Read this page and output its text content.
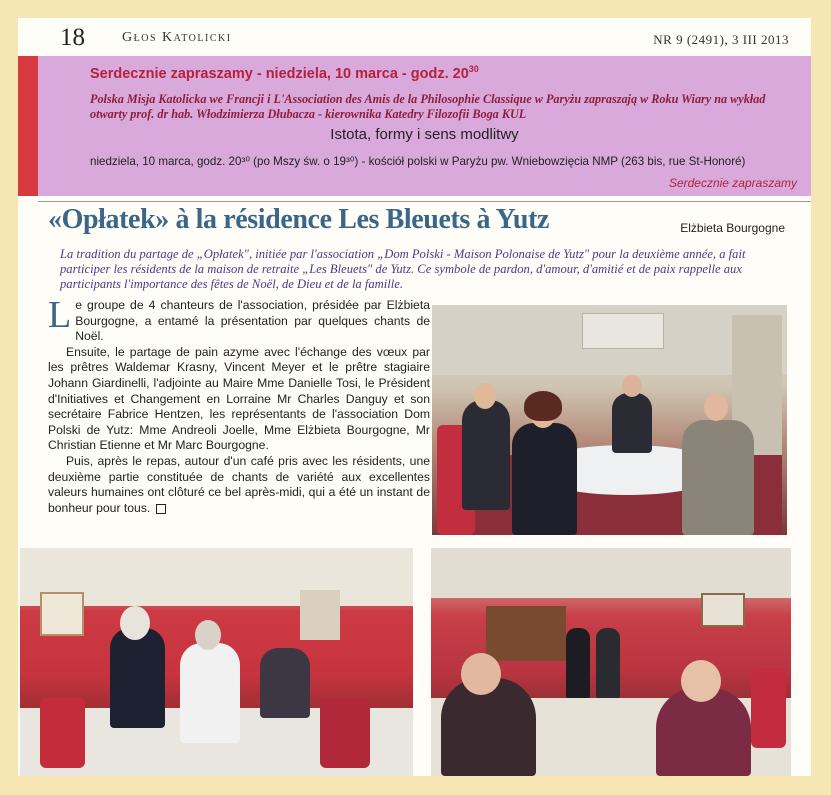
18	Głos Katolicki	NR 9 (2491), 3 III 2013
Serdecznie zapraszamy - niedziela, 10 marca - godz. $20^{30}$
Polska Misja Katolicka we Francji i L'Association des Amis de la Philosophie Classique w Paryżu zapraszają w Roku Wiary na wykład otwarty prof. dr hab. Włodzimierza Dłubacza - kierownika Katedry Filozofii Boga KUL
Istota, formy i sens modlitwy
niedziela, 10 marca, godz. 20³⁰ (po Mszy św. o 19³⁰) - kościół polski w Paryżu pw. Wniebowzięcia NMP (263 bis, rue St-Honoré)
Serdecznie zapraszamy
«Opłatek» à la résidence Les Bleuets à Yutz	Elżbieta Bourgogne
La tradition du partage de „Opłatek", initiée par l'association „Dom Polski - Maison Polonaise de Yutz" pour la deuxième année, a fait participer les résidents de la maison de retraite „Les Bleuets" de Yutz. Ce symbole de pardon, d'amour, d'amitié et de paix rappelle aux participants l'importance des fêtes de Noël, de Dieu et de la famille.

Le groupe de 4 chanteurs de l'association, présidée par Elżbieta Bourgogne, a entamé la présentation par quelques chants de Noël.

Ensuite, le partage de pain azyme avec l'échange des vœux par les prêtres Waldemar Krasny, Vincent Meyer et le prêtre stagiaire Johann Giardinelli, l'adjointe au Maire Mme Danielle Tosi, le Président d'Initiatives et Changement en Lorraine Mr Charles Danguy et son secrétaire Fabrice Hentzen, les représentants de l'association Dom Polski de Yutz: Mme Andreoli Joelle, Mme Elżbieta Bourgogne, Mr Christian Etienne et Mr Marc Bourgogne.

Puis, après le repas, autour d'un café pris avec les résidents, une deuxième partie constituée de chants de variété aux excellentes valeurs humaines ont clôturé ce bel après-midi, qui a été un instant de bonheur pour tous.
